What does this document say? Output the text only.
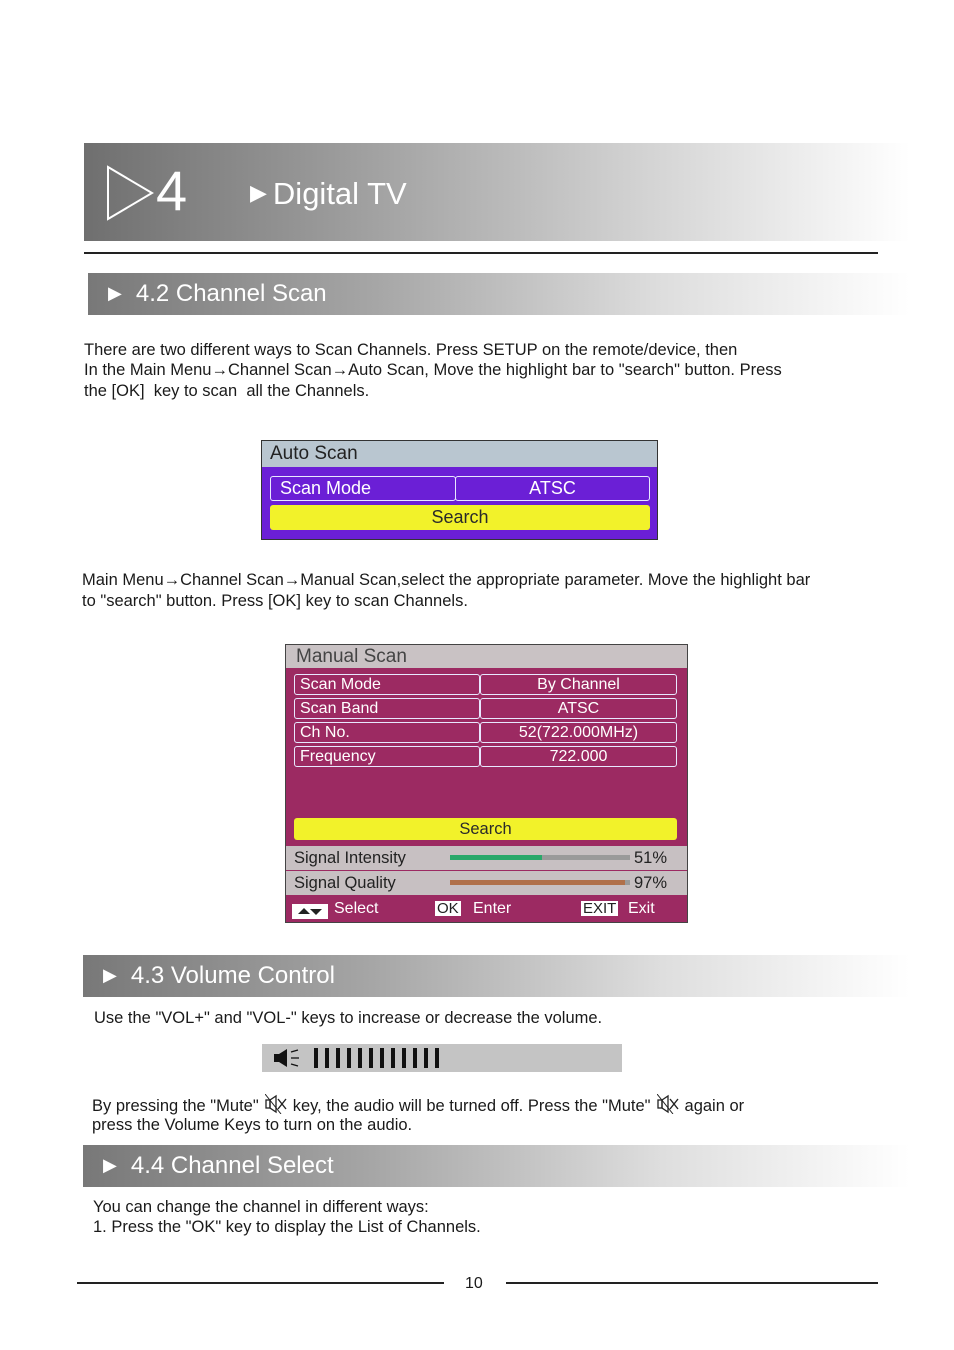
4	▶ Digital TV
▶ 4.2 Channel Scan
There are two different ways to Scan Channels. Press SETUP on the remote/device, then
In the Main Menu→Channel Scan→Auto Scan, Move the highlight bar to "search" button. Press
the [OK]  key to scan  all the Channels.
Auto Scan
Scan Mode	ATSC
Search
Main Menu→Channel Scan→Manual Scan,select the appropriate parameter. Move the highlight bar
to "search" button. Press [OK] key to scan Channels.
Manual Scan
Scan Mode	By Channel
Scan Band	ATSC
Ch No.	52(722.000MHz)
Frequency	722.000
Search
Signal Intensity	51%
Signal Quality	97%
Select	OK Enter	EXIT Exit
▶ 4.3 Volume Control
Use the "VOL+" and "VOL-" keys to increase or decrease the volume.
By pressing the "Mute" key, the audio will be turned off. Press the "Mute" again or
press the Volume Keys to turn on the audio.
▶ 4.4 Channel Select
You can change the channel in different ways:
1. Press the "OK" key to display the List of Channels.
10
